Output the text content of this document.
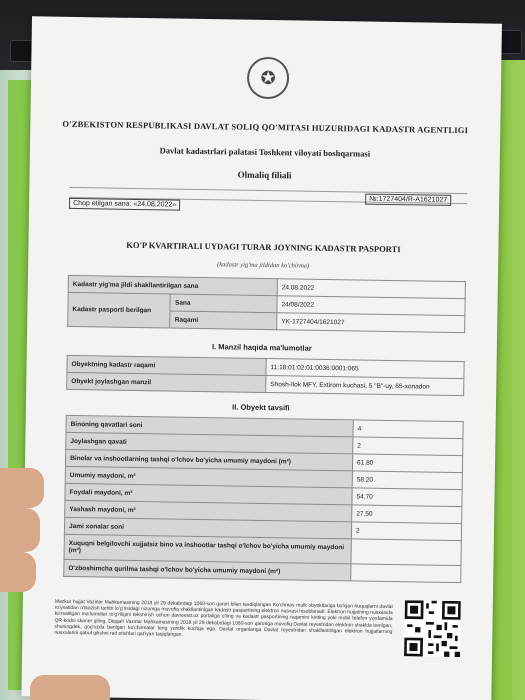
✪
O'ZBEKISTON RESPUBLIKASI DAVLAT SOLIQ QO'MITASI HUZURIDAGI KADASTR AGENTLIGI
Davlat kadastrlari palatasi Toshkent viloyati boshqarmasi
Olmaliq filiali
Chop etilgan sana: «24.08.2022»
№:1727404/R-A1621027
KO'P KVARTIRALI UYDAGI TURAR JOYNING KADASTR PASPORTI
(kadastr yig'ma jildidan ko'chirma)
Kadastr yig'ma jildi shakllantirilgan sana		24.08.2022
Kadastr pasporti berilgan	Sana	24/08/2022
	Raqami	YK-1727404/1621027
I. Manzil haqida ma'lumotlar
Obyektning kadastr raqami	11:18:01:02:01:0036:0001:065
Obyekt joylashgan manzil	Shosh-Ilok MFY, Extirom kuchasi, 5 "B"-uy, 65-xonadon
II. Obyekt tavsifi
Binoning qavatlari soni	4
Joylashgan qavati	2
Binolar va inshootlarning tashqi o'lchov bo'yicha umumiy maydoni (m²)	61.80
Umumiy maydoni, m²	58.20
Foydali maydoni, m²	54.70
Yashash maydoni, m²	27.50
Jami xonalar soni	2
Xuquqni belgilovchi xujjatsiz bino va inshootlar tashqi o'lchov bo'yicha umumiy maydoni (m²)	
O'zboshimcha qurilma tashqi o'lchov bo'yicha umumiy maydoni (m²)	
Mazkur hujjat Vazirlar Mahkamasining 2018 yil 29 dekabrdagi 1060-son qarori bilan tasdiqlangan Ko'chmas mulk obyektlariga bo'lgan huquqlarni davlat ro'yxatidan o'tkazish tartibi to'g'risidagi nizomga muvofiq shakllantirilgan kadastr pasportining elektron nusxasi hisoblanadi. Elektron hujjatning nusxasida ko'rsatilgan ma'lumotlar to'g'riligini tekshirish uchun davreestr.uz portaliga o'ting va kadastr pasportining raqamini kiriting yoki mobil telefon yordamida QR-kodni skaner qiling. Diqqat! Vazirlar Mahkamasining 2018 yil 29 dekabrdagi 1060-son qaroriga muvofiq Davlat reyestridan elektron shaklda berilgan, shuningdek, qog'ozda berilgan ko'chirmalar teng yuridik kuchga ega. Davlat organlariga Davlat reyestridan shakllantirilgan elektron hujjatlarning nusxalarini qabul qilishni rad etishlari qat'iyan taqiqlangan.
